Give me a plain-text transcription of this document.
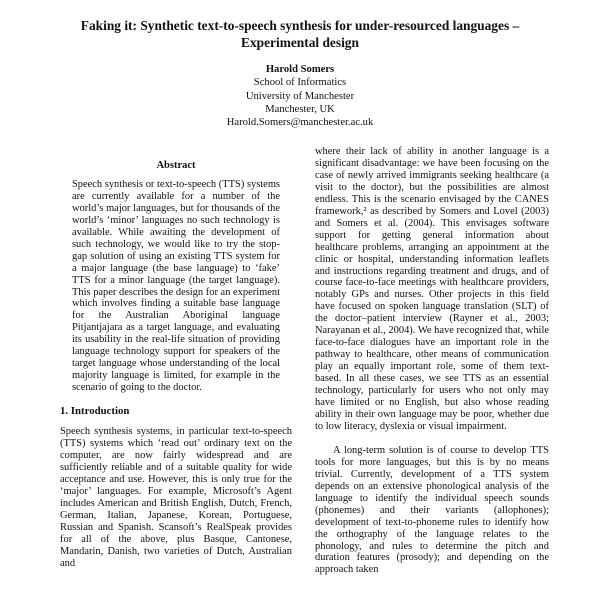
Faking it: Synthetic text-to-speech synthesis for under-resourced languages –
Experimental design
Harold Somers
School of Informatics
University of Manchester
Manchester, UK
Harold.Somers@manchester.ac.uk
Abstract

Speech synthesis or text-to-speech (TTS) systems are currently available for a number of the world’s major languages, but for thousands of the world’s ‘minor’ languages no such technology is available. While awaiting the development of such technology, we would like to try the stop-gap solution of using an existing TTS system for a major language (the base language) to ‘fake’ TTS for a minor language (the target language). This paper describes the design for an experiment which involves finding a suitable base language for the Australian Aboriginal language Pitjantjajara as a target language, and evaluating its usability in the real-life situation of providing language technology support for speakers of the target language whose understanding of the local majority language is limited, for example in the scenario of going to the doctor.

1. Introduction

Speech synthesis systems, in particular text-to-speech (TTS) systems which ‘read out’ ordinary text on the computer, are now fairly widespread and are sufficiently reliable and of a suitable quality for wide acceptance and use. However, this is only true for the ‘major’ languages. For example, Microsoft’s Agent includes American and British English, Dutch, French, German, Italian, Japanese, Korean, Portuguese, Russian and Spanish. Scansoft’s RealSpeak provides for all of the above, plus Basque, Cantonese, Mandarin, Danish, two varieties of Dutch, Australian and

where their lack of ability in another language is a significant disadvantage: we have been focusing on the case of newly arrived immigrants seeking healthcare (a visit to the doctor), but the possibilities are almost endless. This is the scenario envisaged by the CANES framework,² as described by Somers and Lovel (2003) and Somers et al. (2004). This envisages software support for getting general information about healthcare problems, arranging an appointment at the clinic or hospital, understanding information leaflets and instructions regarding treatment and drugs, and of course face-to-face meetings with healthcare providers, notably GPs and nurses. Other projects in this field have focused on spoken language translation (SLT) of the doctor–patient interview (Rayner et al., 2003; Narayanan et al., 2004). We have recognized that, while face-to-face dialogues have an important role in the pathway to healthcare, other means of communication play an equally important role, some of them text-based. In all these cases, we see TTS as an essential technology, particularly for users who not only may have limited or no English, but also whose reading ability in their own language may be poor, whether due to low literacy, dyslexia or visual impairment.

A long-term solution is of course to develop TTS tools for more languages, but this is by no means trivial. Currently, development of a TTS system depends on an extensive phonological analysis of the language to identify the individual speech sounds (phonemes) and their variants (allophones); development of text-to-phoneme rules to identify how the orthography of the language relates to the phonology, and rules to determine the pitch and duration features (prosody); and depending on the approach taken
